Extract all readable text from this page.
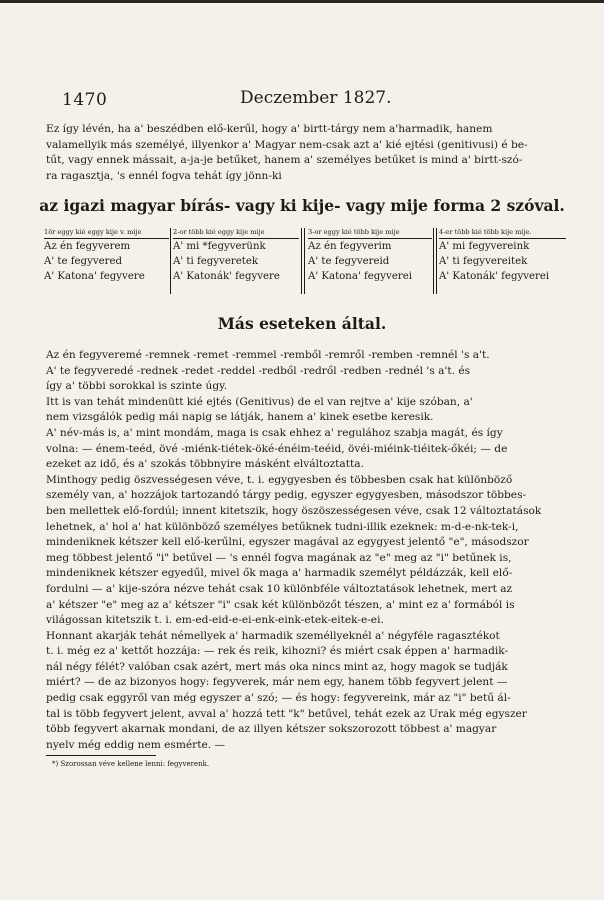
1470	Deczember 1827.

Ez így lévén, ha a' beszédben elő-kerűl, hogy a' birtt-tárgy nem a'harmadik, hanem
valamellyik más személyé, illyenkor a' Magyar nem-csak azt a' kié ejtési (genitivusi) é be-
tűt, vagy ennek mássait, a-ja-je betűket, hanem a' személyes betűket is mind a' birtt-szó-
ra ragasztja, 's ennél fogva tehát így jönn-ki

az igazi magyar bírás- vagy ki kije- vagy mije forma 2 szóval.
1ör eggy kié eggy kije v. mije
Az én fegyverem
A' te fegyvered
A' Katona' fegyvere
2-or több kié eggy kije mije
A' mi *fegyverünk
A' ti fegyveretek
A' Katonák' fegyvere
3-or eggy kié több kije mije
Az én fegyverim
A' te fegyvereid
A' Katona' fegyverei
4-er több kié több kije mije.
A' mi fegyvereink
A' ti fegyvereitek
A' Katonák' fegyverei
Más eseteken által.

Az én fegyveremé -remnek -remet -remmel -remből -remről -remben -remnél 's a't.
A' te fegyveredé -rednek -redet -reddel -redből -redről -redben -rednél 's a't. és
így a' többi sorokkal is szinte úgy.
Itt is van tehát mindenütt kié ejtés (Genitivus) de el van rejtve a' kije szóban, a'
nem vizsgálók pedig mái napig se látják, hanem a' kinek esetbe keresik.
A' név-más is, a' mint mondám, maga is csak ehhez a' regulához szabja magát, és így
volna: — énem-teéd, övé -miénk-tiétek-öké-énéim-teéid, övéi-miéink-tiéitek-őkéi; — de
ezeket az idő, és a' szokás többnyire másként elváltoztatta.
Minthogy pedig öszvességesen véve, t. i. egygyesben és többesben csak hat különböző
személy van, a' hozzájok tartozandó tárgy pedig, egyszer egygyesben, másodszor többes-
ben mellettek elő-fordúl; innent kitetszik, hogy öszöszességesen véve, csak 12 változtatások
lehetnek, a' hol a' hat különböző személyes betűknek tudni-illik ezeknek: m-d-e-nk-tek-i,
mindeniknek kétszer kell elő-kerűlni, egyszer magával az egygyest jelentő "e", másodszor
meg többest jelentő "i" betűvel — 's ennél fogva magának az "e" meg az "i" betűnek is,
mindeniknek kétszer egyedűl, mivel ők maga a' harmadik személyt példázzák, kell elő-
fordulni — a' kije-szóra nézve tehát csak 10 különbféle változtatások lehetnek, mert az
a' kétszer "e" meg az a' kétszer "i" csak két különbözőt tészen, a' mint ez a' formából is
világossan kitetszik t. i. em-ed-eid-e-ei-enk-eink-etek-eitek-e-ei.
Honnant akarják tehát némellyek a' harmadik személlyeknél a' négyféle ragasztékot
t. i. még ez a' kettőt hozzája: — rek és reik, kihozni? és miért csak éppen a' harmadik-
nál négy félét? valóban csak azért, mert más oka nincs mint az, hogy magok se tudják
miért? — de az bizonyos hogy: fegyverek, már nem egy, hanem több fegyvert jelent —
pedig csak eggyről van még egyszer a' szó; — és hogy: fegyvereink, már az "i" betű ál-
tal is több fegyvert jelent, avval a' hozzá tett "k" betűvel, tehát ezek az Urak még egyszer
több fegyvert akarnak mondani, de az illyen kétszer sokszorozott többest a' magyar
nyelv még eddig nem esmérte. —

*) Szorossan véve kellene lenni: fegyverenk.
